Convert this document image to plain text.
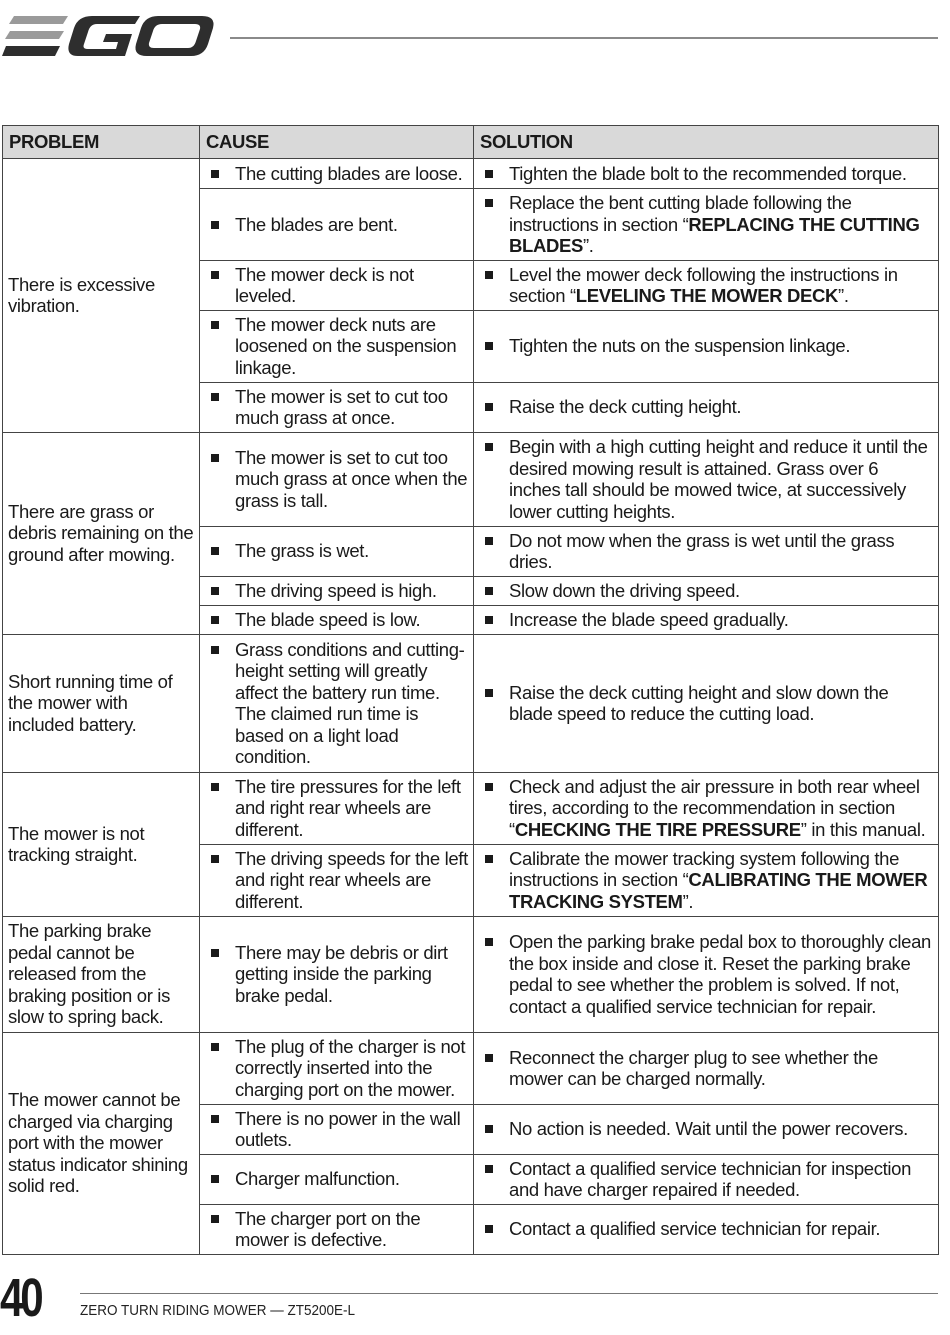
PROBLEM	CAUSE	SOLUTION
There is excessive vibration.	The cutting blades are loose.	Tighten the blade bolt to the recommended torque.

	The blades are bent.	Replace the bent cutting blade following the instructions in section “REPLACING THE CUTTING BLADES”.

	The mower deck is not leveled.	Level the mower deck following the instructions in section “LEVELING THE MOWER DECK”.

	The mower deck nuts are loosened on the suspension linkage.	Tighten the nuts on the suspension linkage.

	The mower is set to cut too much grass at once.	Raise the deck cutting height.

There are grass or debris remaining on the ground after mowing.	The mower is set to cut too much grass at once when the grass is tall.	Begin with a high cutting height and reduce it until the desired mowing result is attained. Grass over 6 inches tall should be mowed twice, at successively lower cutting heights.

	The grass is wet.	Do not mow when the grass is wet until the grass dries.

	The driving speed is high.	Slow down the driving speed.

	The blade speed is low.	Increase the blade speed gradually.

Short running time of the mower with included battery.	Grass conditions and cutting-height setting will greatly affect the battery run time. The claimed run time is based on a light load condition.	Raise the deck cutting height and slow down the blade speed to reduce the cutting load.

The mower is not tracking straight.	The tire pressures for the left and right rear wheels are different.	Check and adjust the air pressure in both rear wheel tires, according to the recommendation in section “CHECKING THE TIRE PRESSURE” in this manual.

	The driving speeds for the left and right rear wheels are different.	Calibrate the mower tracking system following the instructions in section “CALIBRATING THE MOWER TRACKING SYSTEM”.

The parking brake pedal cannot be released from the braking position or is slow to spring back.	There may be debris or dirt getting inside the parking brake pedal.	Open the parking brake pedal box to thoroughly clean the box inside and close it. Reset the parking brake pedal to see whether the problem is solved. If not, contact a qualified service technician for repair.

The mower cannot be charged via charging port with the mower status indicator shining solid red.	The plug of the charger is not correctly inserted into the charging port on the mower.	Reconnect the charger plug to see whether the mower can be charged normally.

	There is no power in the wall outlets.	No action is needed. Wait until the power recovers.

	Charger malfunction.	Contact a qualified service technician for inspection and have charger repaired if needed.

	The charger port on the mower is defective.	Contact a qualified service technician for repair.
40	ZERO TURN RIDING MOWER — ZT5200E-L
